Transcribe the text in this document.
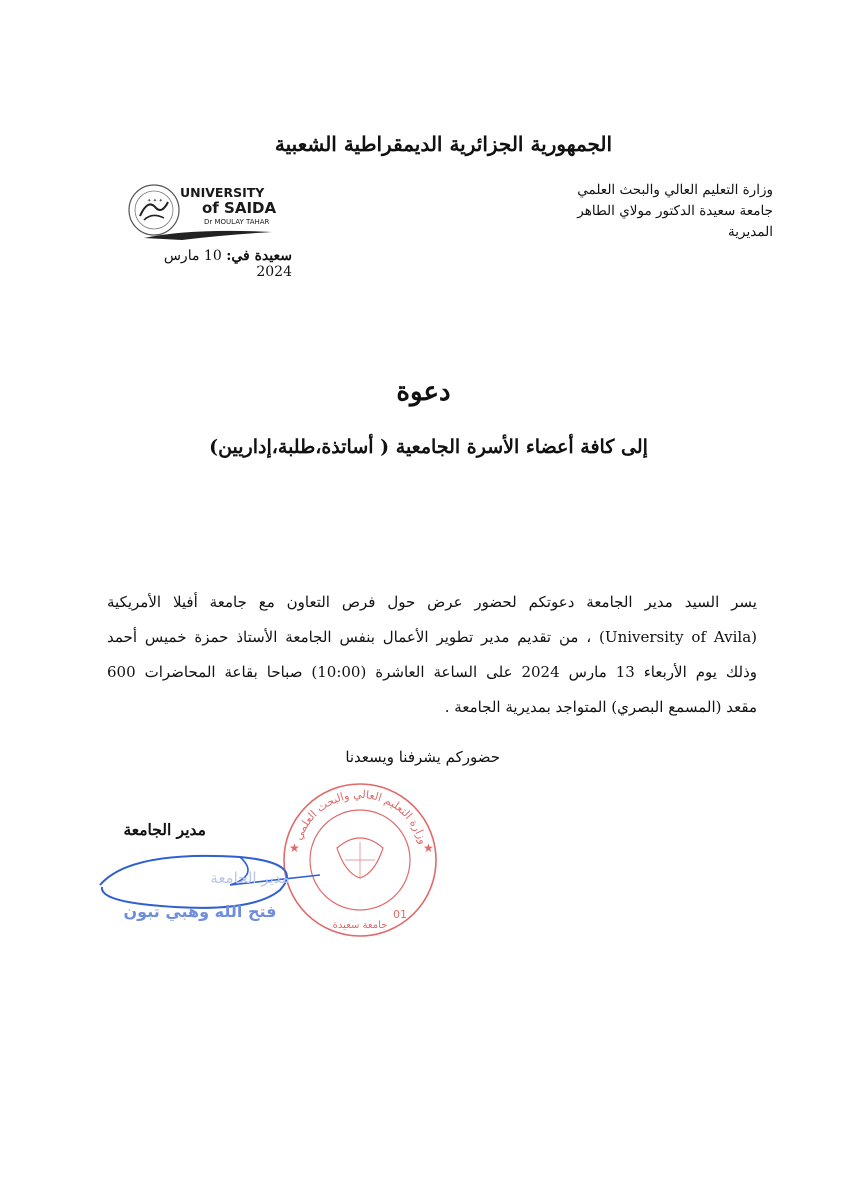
الجمهورية الجزائرية الديمقراطية الشعبية
وزارة التعليم العالي والبحث العلمي
جامعة سعيدة الدكتور مولاي الطاهر
المديرية
✦ ✦ ✦
UNIVERSITY
of SAIDA
Dr MOULAY TAHAR
سعيدة في: 10 مارس 2024
دعوة
إلى كافة أعضاء الأسرة الجامعية ( أساتذة،طلبة،إداريين)
يسر السيد مدير الجامعة دعوتكم لحضور عرض حول فرص التعاون مع جامعة أفيلا الأمريكية
(University of Avila) ، من تقديم مدير تطوير الأعمال بنفس الجامعة الأستاذ حمزة خميس أحمد
وذلك يوم الأربعاء 13 مارس 2024 على الساعة العاشرة (10:00) صباحا بقاعة المحاضرات 600
مقعد (المسمع البصري) المتواجد بمديرية الجامعة .
حضوركم يشرفنا ويسعدنا
وزارة التعليم العالي والبحث العلمي
جامعة سعيدة
01
★	★
مدير الجامعة
مدير الجامعة
فتح الله وهبي تبون
